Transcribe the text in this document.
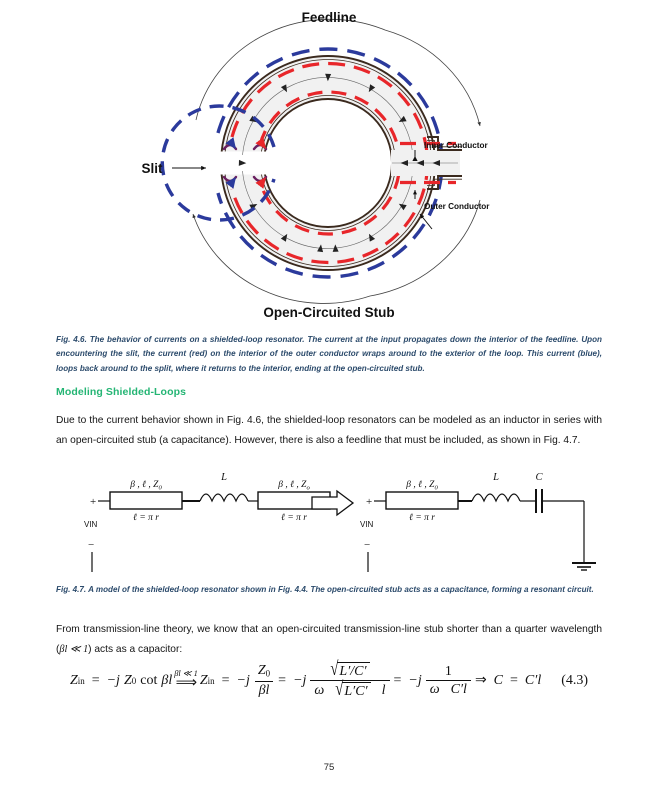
Feedline
Open-Circuited Stub
Slit
Inner Conductor
Outer Conductor
Fig. 4.6. The behavior of currents on a shielded-loop resonator. The current at the input propagates down the interior of the feedline. Upon encountering the slit, the current (red) on the interior of the outer conductor wraps around to the exterior of the loop. This current (blue), loops back around to the split, where it returns to the interior, ending at the open-circuited stub.
Modeling Shielded-Loops
Due to the current behavior shown in Fig. 4.6, the shielded-loop resonators can be modeled as an inductor in series with an open-circuited stub (a capacitance). However, there is also a feedline that must be included, as shown in Fig. 4.7.
+
β , ℓ , $Z_0$
ℓ = π r
L
β , ℓ , $Z_o$
ℓ = π r
VIN
−
+
β , ℓ , $Z_0$
ℓ = π r
L	C
VIN
−
Fig. 4.7. A model of the shielded-loop resonator shown in Fig. 4.4. The open-circuited stub acts as a capacitance, forming a resonant circuit.
From transmission-line theory, we know that an open-circuited transmission-line stub shorter than a quarter wavelength (βl ≪ 1) acts as a capacitor:
Z in = −j Z 0 cot βl βl ≪ 1
⟹ Z in = $-j \frac{Z_0}{\beta l} = -j$ √ L′/C′
ω √ L′C′ l
= $-j \frac{1}{\text{ω C′l}}$ ⇒ C = C′l (4.3)
75
